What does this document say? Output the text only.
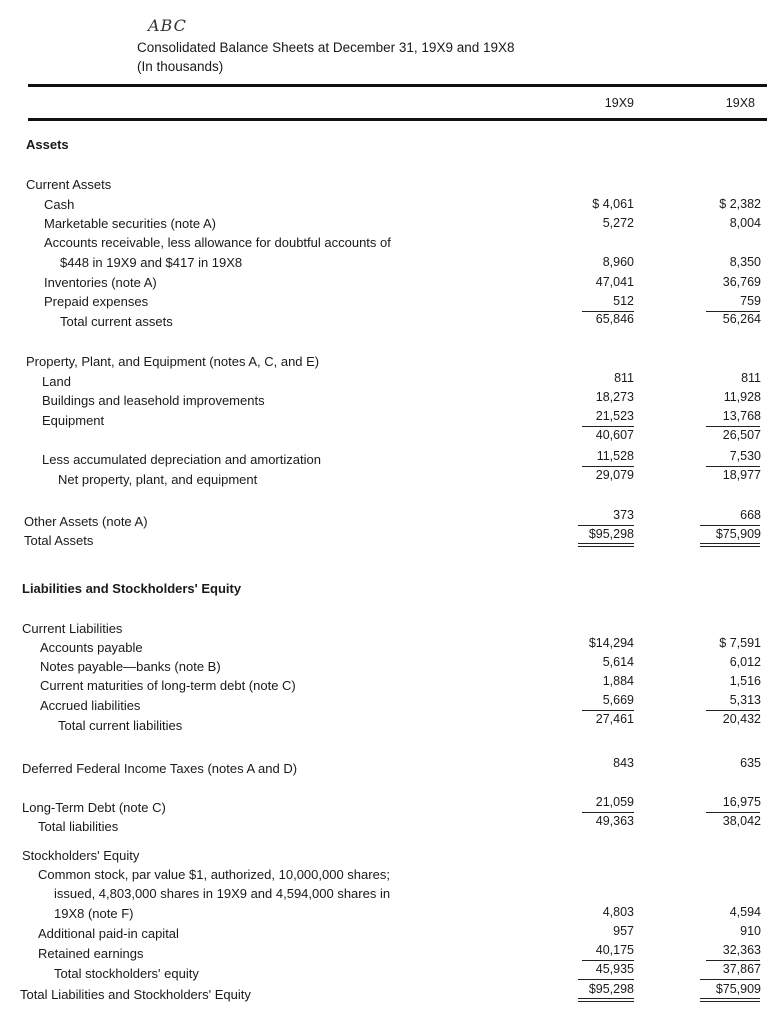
ABC
Consolidated Balance Sheets at December 31, 19X9 and 19X8
(In thousands)
19X9	19X8
Assets
Current Assets
Cash	$ 4,061	$ 2,382
Marketable securities (note A)	5,272	8,004
Accounts receivable, less allowance for doubtful accounts of
$448 in 19X9 and $417 in 19X8	8,960	8,350
Inventories (note A)	47,041	36,769
Prepaid expenses	512	759
Total current assets	65,846	56,264
Property, Plant, and Equipment (notes A, C, and E)
Land	811	811
Buildings and leasehold improvements	18,273	11,928
Equipment	21,523	13,768
40,607	26,507
Less accumulated depreciation and amortization	11,528	7,530
Net property, plant, and equipment	29,079	18,977
Other Assets (note A)	373	668
Total Assets	$95,298	$75,909
Liabilities and Stockholders' Equity
Current Liabilities
Accounts payable	$14,294	$ 7,591
Notes payable—banks (note B)	5,614	6,012
Current maturities of long-term debt (note C)	1,884	1,516
Accrued liabilities	5,669	5,313
Total current liabilities	27,461	20,432
Deferred Federal Income Taxes (notes A and D)	843	635
Long-Term Debt (note C)	21,059	16,975
Total liabilities	49,363	38,042
Stockholders' Equity
Common stock, par value $1, authorized, 10,000,000 shares;
issued, 4,803,000 shares in 19X9 and 4,594,000 shares in
19X8 (note F)	4,803	4,594
Additional paid-in capital	957	910
Retained earnings	40,175	32,363
Total stockholders' equity	45,935	37,867
Total Liabilities and Stockholders' Equity	$95,298	$75,909
